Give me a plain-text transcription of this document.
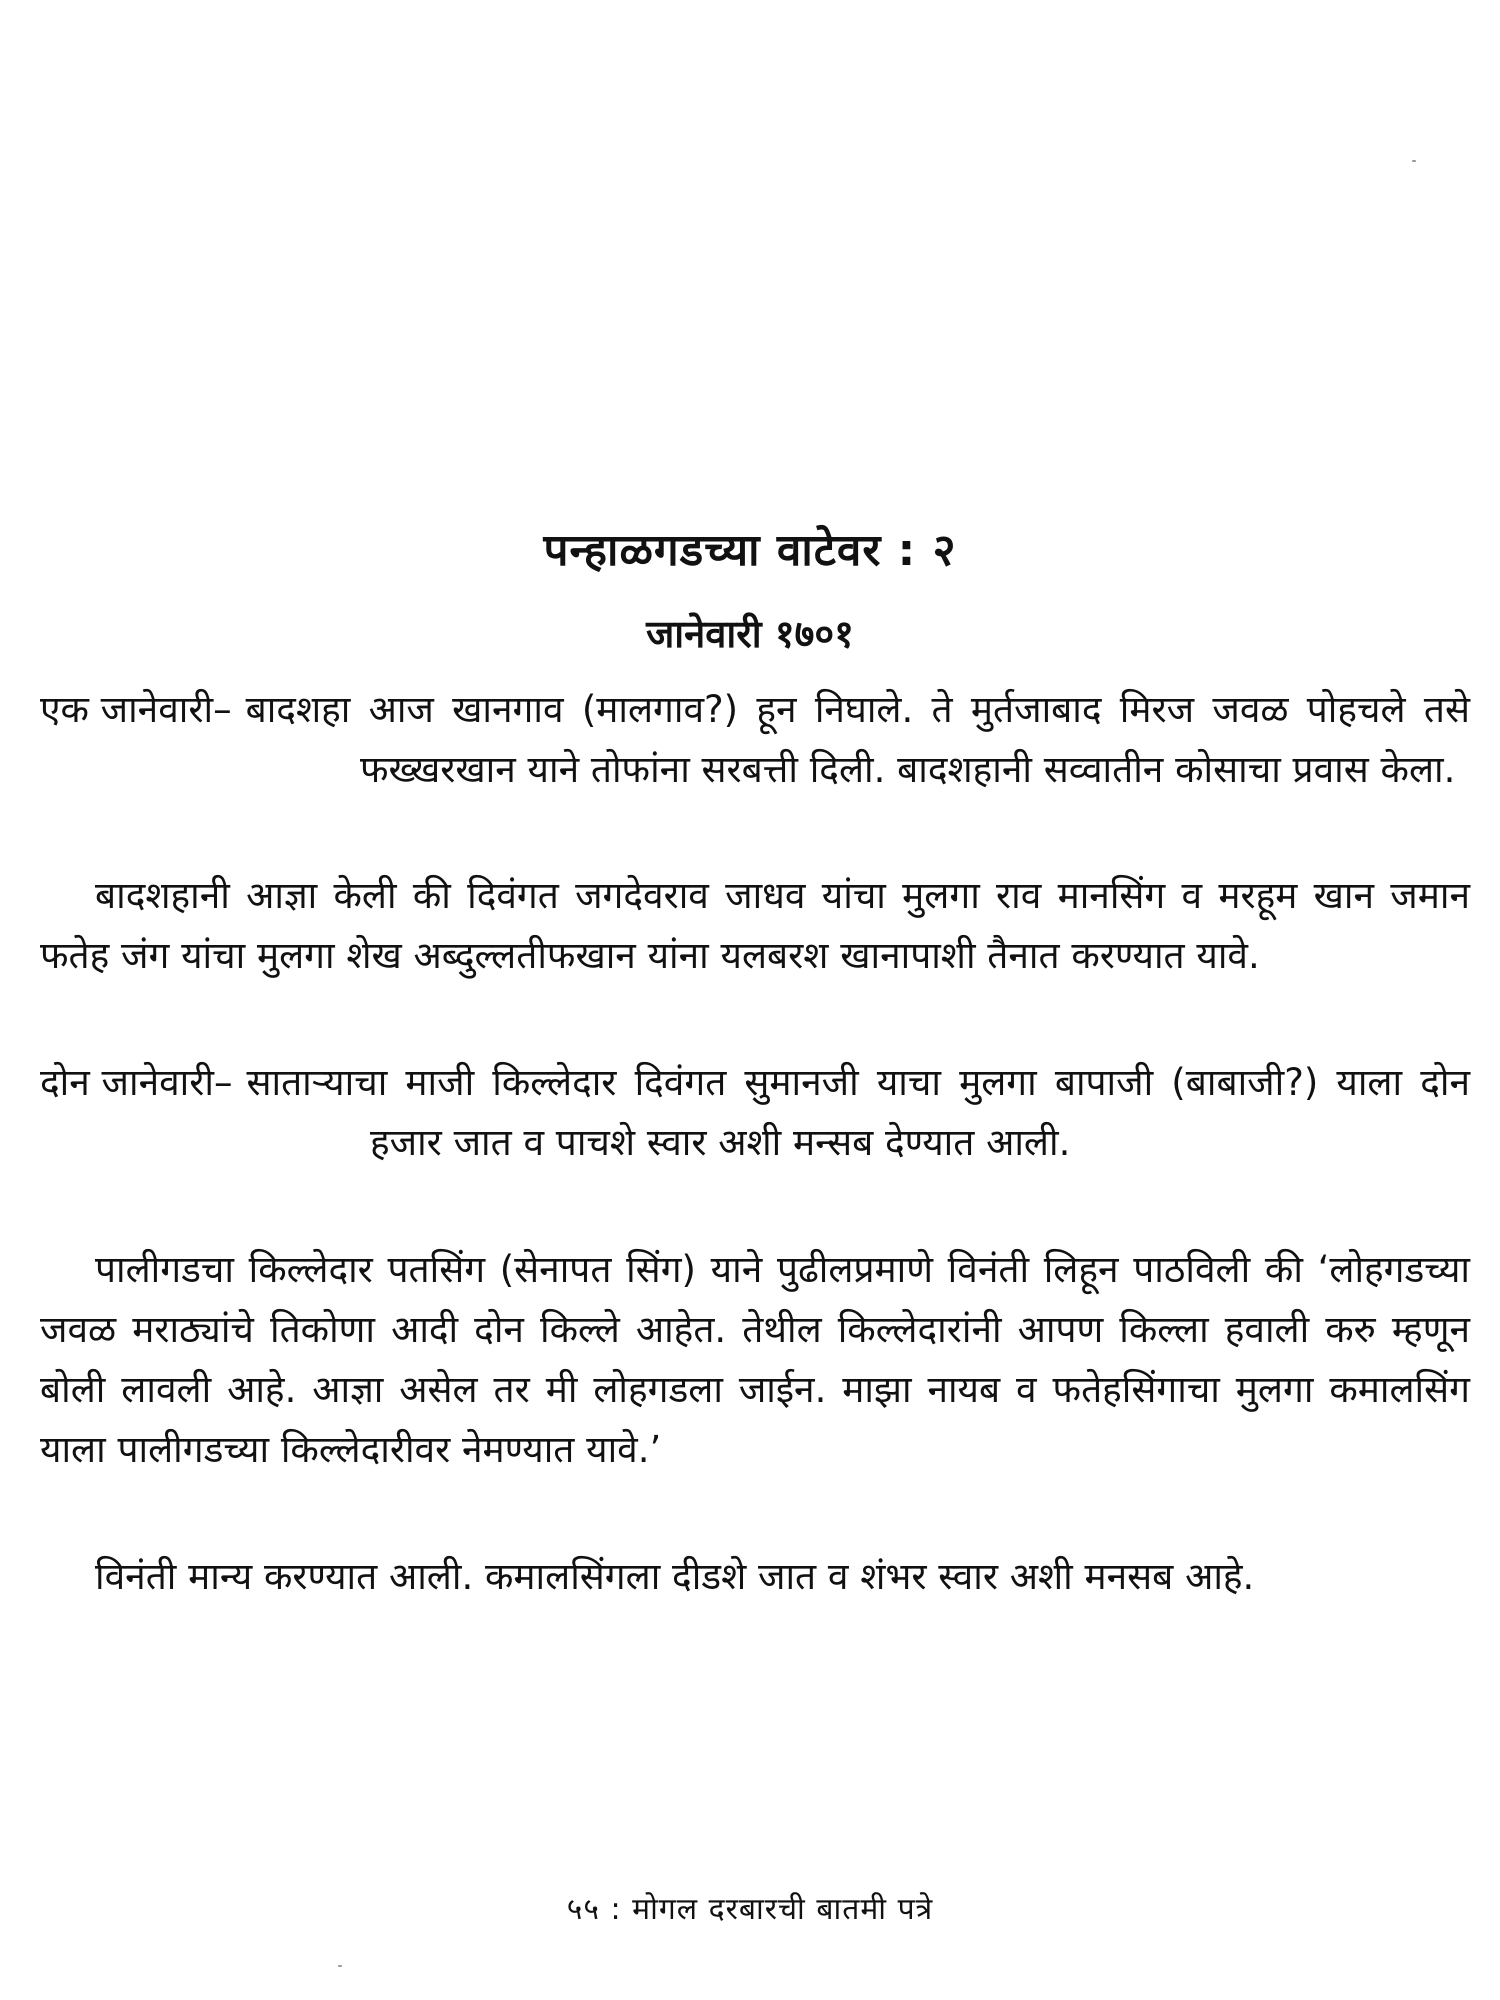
पन्हाळगडच्या वाटेवर : २
जानेवारी १७०१
एक जानेवारी– बादशहा आज खानगाव (मालगाव?) हून निघाले. ते मुर्तजाबाद मिरज जवळ पोहचले तसे फख्खरखान याने तोफांना सरबत्ती दिली. बादशहानी सव्वातीन कोसाचा प्रवास केला.
बादशहानी आज्ञा केली की दिवंगत जगदेवराव जाधव यांचा मुलगा राव मानसिंग व मरहूम खान जमान फतेह जंग यांचा मुलगा शेख अब्दुल्लतीफखान यांना यलबरश खानापाशी तैनात करण्यात यावे.
दोन जानेवारी– सातार्‍याचा माजी किल्लेदार दिवंगत सुमानजी याचा मुलगा बापाजी (बाबाजी?) याला दोन हजार जात व पाचशे स्वार अशी मन्सब देण्यात आली.
पालीगडचा किल्लेदार पतसिंग (सेनापत सिंग) याने पुढीलप्रमाणे विनंती लिहून पाठविली की ‘लोहगडच्या जवळ मराठ्यांचे तिकोणा आदी दोन किल्ले आहेत. तेथील किल्लेदारांनी आपण किल्ला हवाली करु म्हणून बोली लावली आहे. आज्ञा असेल तर मी लोहगडला जाईन. माझा नायब व फतेहसिंगाचा मुलगा कमालसिंग याला पालीगडच्या किल्लेदारीवर नेमण्यात यावे.’
विनंती मान्य करण्यात आली. कमालसिंगला दीडशे जात व शंभर स्वार अशी मनसब आहे.
५५ : मोगल दरबारची बातमी पत्रे
